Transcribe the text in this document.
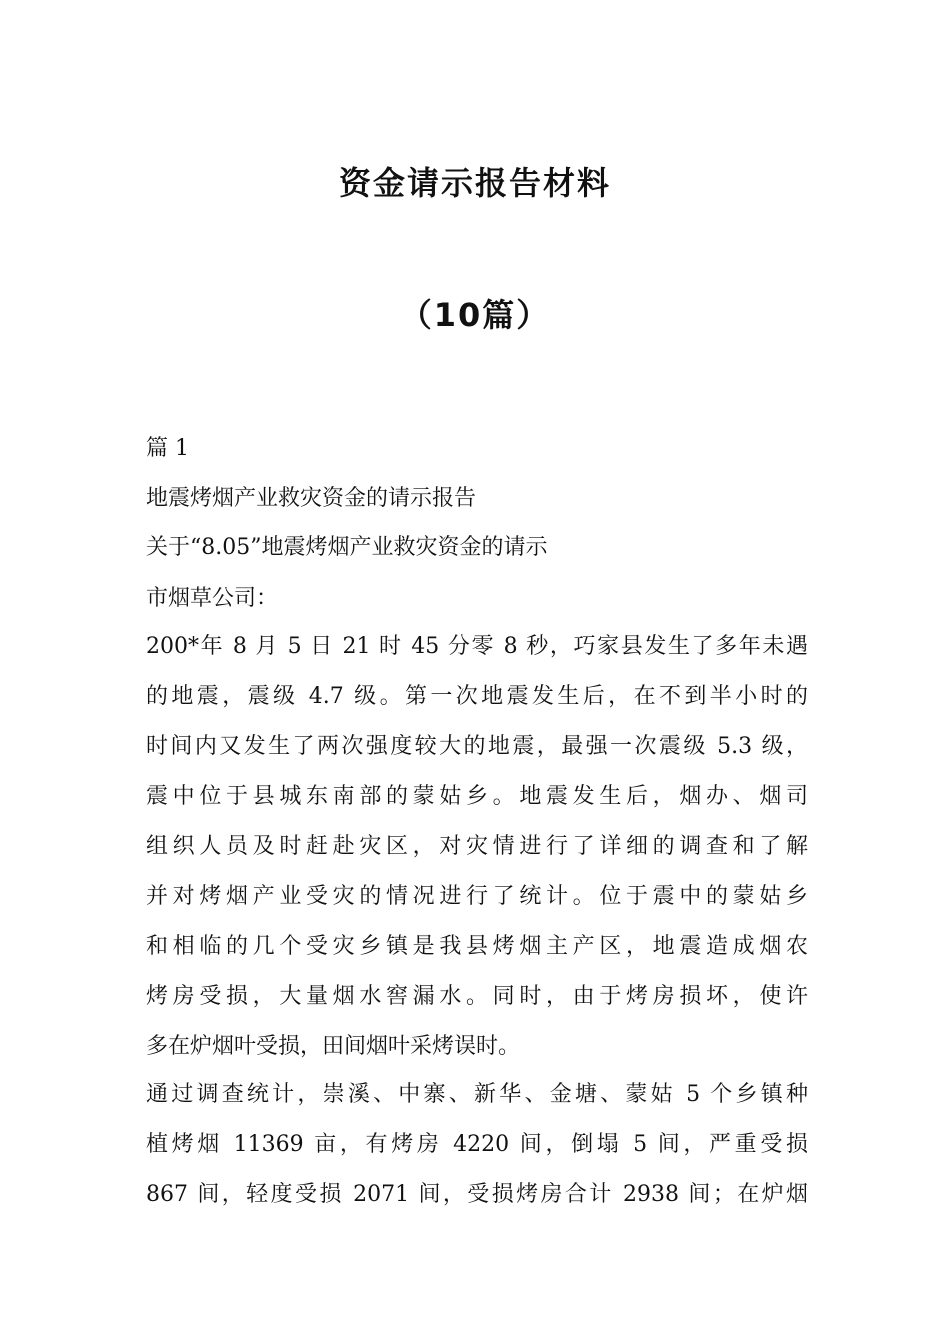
资金请示报告材料
（10篇）
篇 1
地震烤烟产业救灾资金的请示报告
关于“8.05”地震烤烟产业救灾资金的请示
市烟草公司：
200*年 8 月 5 日 21 时 45 分零 8 秒，巧家县发生了多年未遇
的地震，震级 4.7 级。第一次地震发生后，在不到半小时的
时间内又发生了两次强度较大的地震，最强一次震级 5.3 级，
震中位于县城东南部的蒙姑乡。地震发生后，烟办、烟司
组织人员及时赶赴灾区，对灾情进行了详细的调查和了解
并对烤烟产业受灾的情况进行了统计。位于震中的蒙姑乡
和相临的几个受灾乡镇是我县烤烟主产区，地震造成烟农
烤房受损，大量烟水窖漏水。同时，由于烤房损坏，使许
多在炉烟叶受损，田间烟叶采烤误时。
通过调查统计，崇溪、中寨、新华、金塘、蒙姑 5 个乡镇种
植烤烟 11369 亩，有烤房 4220 间，倒塌 5 间，严重受损
867 间，轻度受损 2071 间，受损烤房合计 2938 间；在炉烟
